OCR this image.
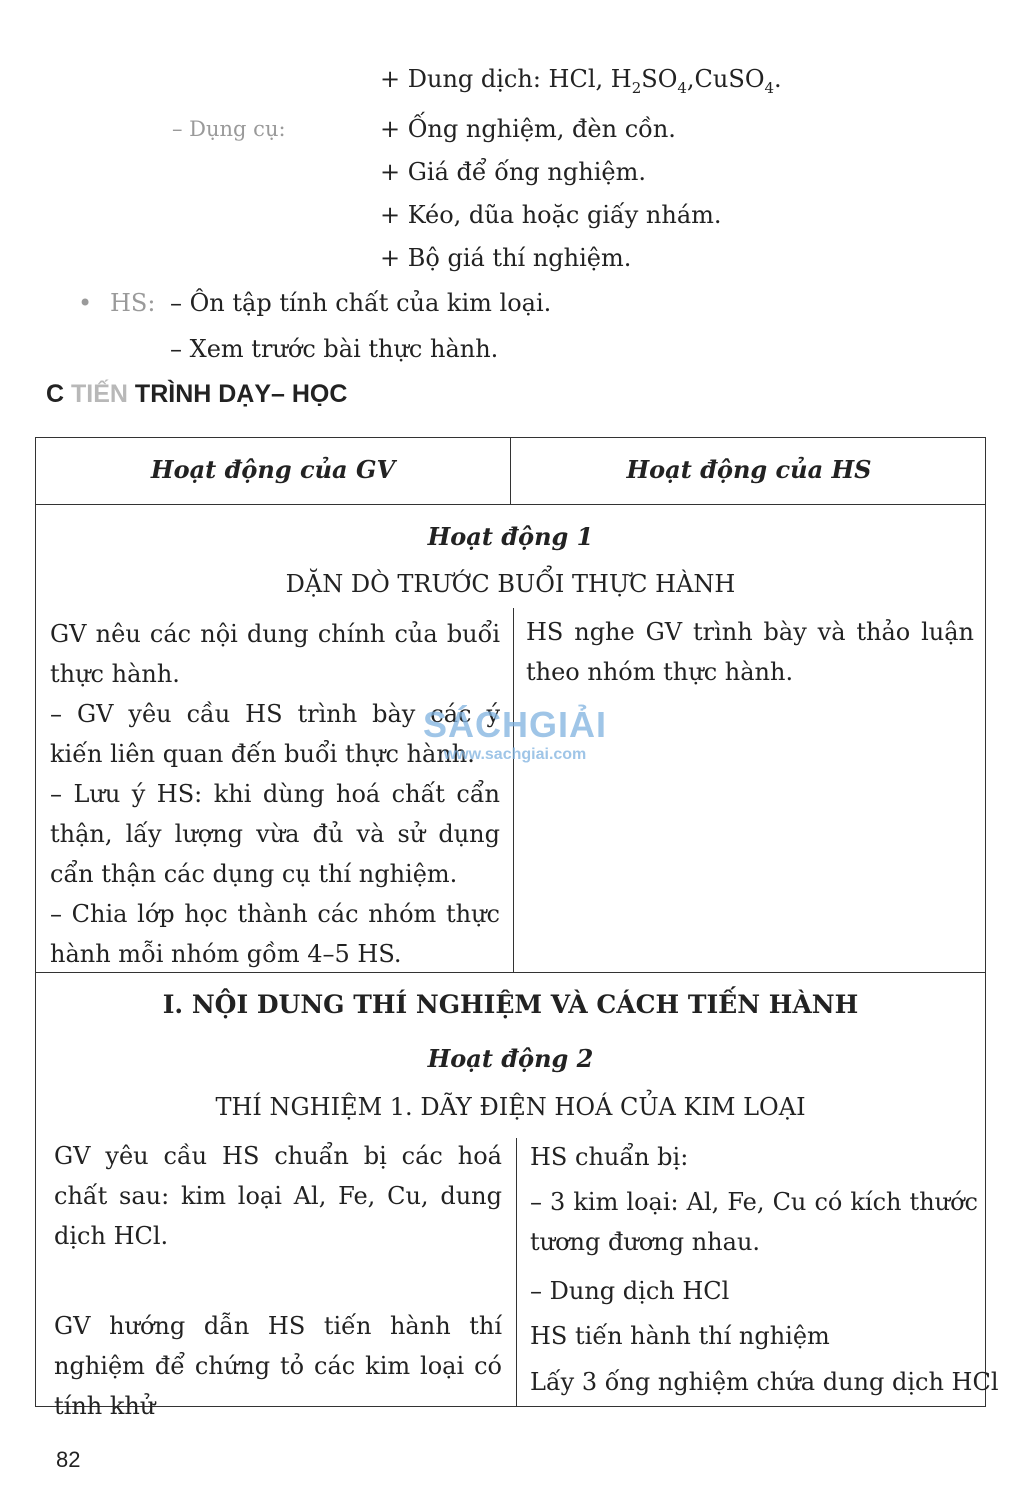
+ Dung dịch: HCl, $H_2SO_4,CuSO_4$.
– Dụng cụ:	+ Ống nghiệm, đèn cồn.
+ Giá để ống nghiệm.
+ Kéo, dũa hoặc giấy nhám.
+ Bộ giá thí nghiệm.
• HS: – Ôn tập tính chất của kim loại.
– Xem trước bài thực hành.
C TIẾN TRÌNH DẠY– HỌC
Hoạt động của GV	Hoạt động của HS
Hoạt động 1
DẶN DÒ TRƯỚC BUỔI THỰC HÀNH

GV nêu các nội dung chính của buổi thực hành.

– GV yêu cầu HS trình bày các ý kiến liên quan đến buổi thực hành.

– Lưu ý HS: khi dùng hoá chất cẩn thận, lấy lượng vừa đủ và sử dụng cẩn thận các dụng cụ thí nghiệm.

– Chia lớp học thành các nhóm thực hành mỗi nhóm gồm 4–5 HS.

HS nghe GV trình bày và thảo luận theo nhóm thực hành.

SÁCHGIẢI
www.sachgiai.com
I. NỘI DUNG THÍ NGHIỆM VÀ CÁCH TIẾN HÀNH
Hoạt động 2
THÍ NGHIỆM 1. DÃY ĐIỆN HOÁ CỦA KIM LOẠI

GV yêu cầu HS chuẩn bị các hoá chất sau: kim loại Al, Fe, Cu, dung dịch HCl.

GV hướng dẫn HS tiến hành thí nghiệm để chứng tỏ các kim loại có tính khử

HS chuẩn bị:

– 3 kim loại: Al, Fe, Cu có kích thước tương đương nhau.

– Dung dịch HCl
HS tiến hành thí nghiệm
Lấy 3 ống nghiệm chứa dung dịch HCl
82
